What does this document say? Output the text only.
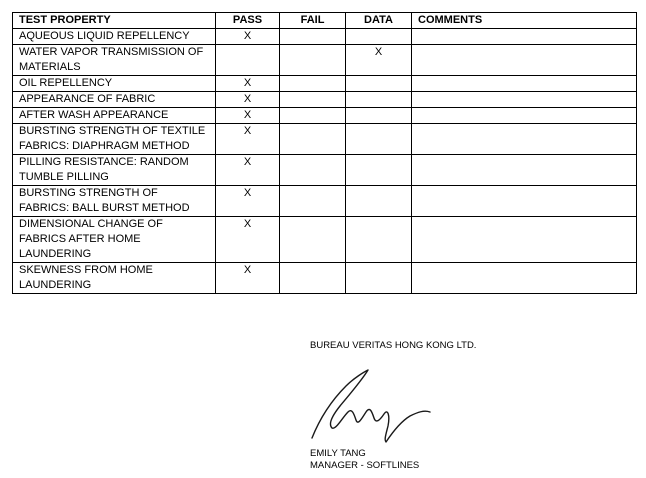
TEST PROPERTY	PASS	FAIL	DATA	COMMENTS
AQUEOUS LIQUID REPELLENCY	X			
WATER VAPOR TRANSMISSION OF MATERIALS			X	
OIL REPELLENCY	X			
APPEARANCE OF FABRIC	X			
AFTER WASH APPEARANCE	X			
BURSTING STRENGTH OF TEXTILE FABRICS: DIAPHRAGM METHOD	X			
PILLING RESISTANCE: RANDOM TUMBLE PILLING	X			
BURSTING STRENGTH OF FABRICS: BALL BURST METHOD	X			
DIMENSIONAL CHANGE OF FABRICS AFTER HOME LAUNDERING	X			
SKEWNESS FROM HOME LAUNDERING	X			
BUREAU VERITAS HONG KONG LTD.
EMILY TANG
MANAGER - SOFTLINES
